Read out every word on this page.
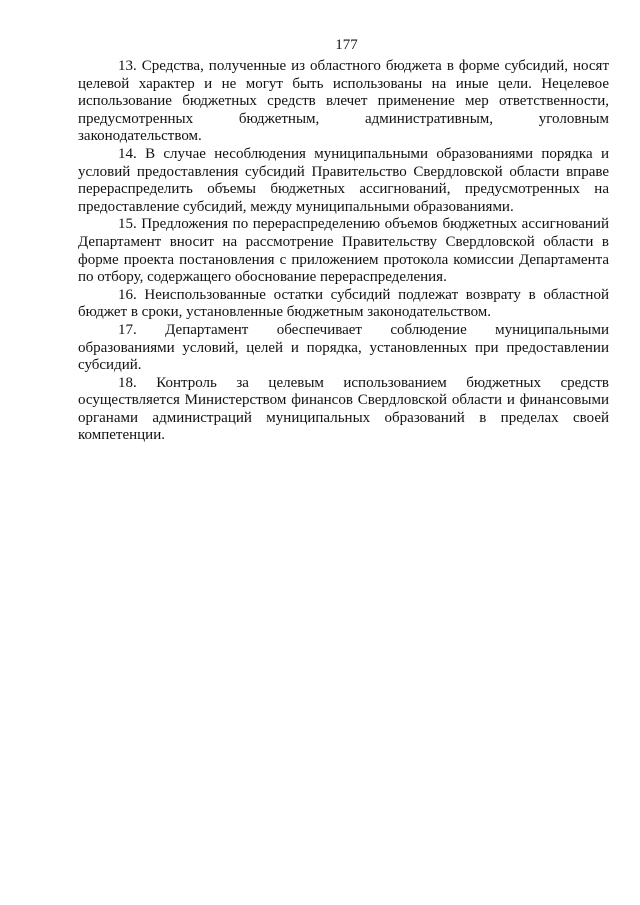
177

13. Средства, полученные из областного бюджета в форме субсидий, носят целевой характер и не могут быть использованы на иные цели. Нецелевое использование бюджетных средств влечет применение мер ответственности, предусмотренных бюджетным, административным, уголовным законодательством.

14. В случае несоблюдения муниципальными образованиями порядка и условий предоставления субсидий Правительство Свердловской области вправе перераспределить объемы бюджетных ассигнований, предусмотренных на предоставление субсидий, между муниципальными образованиями.

15. Предложения по перераспределению объемов бюджетных ассигнований Департамент вносит на рассмотрение Правительству Свердловской области в форме проекта постановления с приложением протокола комиссии Департамента по отбору, содержащего обоснование перераспределения.

16. Неиспользованные остатки субсидий подлежат возврату в областной бюджет в сроки, установленные бюджетным законодательством.

17. Департамент обеспечивает соблюдение муниципальными образованиями условий, целей и порядка, установленных при предоставлении субсидий.

18. Контроль за целевым использованием бюджетных средств осуществляется Министерством финансов Свердловской области и финансовыми органами администраций муниципальных образований в пределах своей компетенции.
